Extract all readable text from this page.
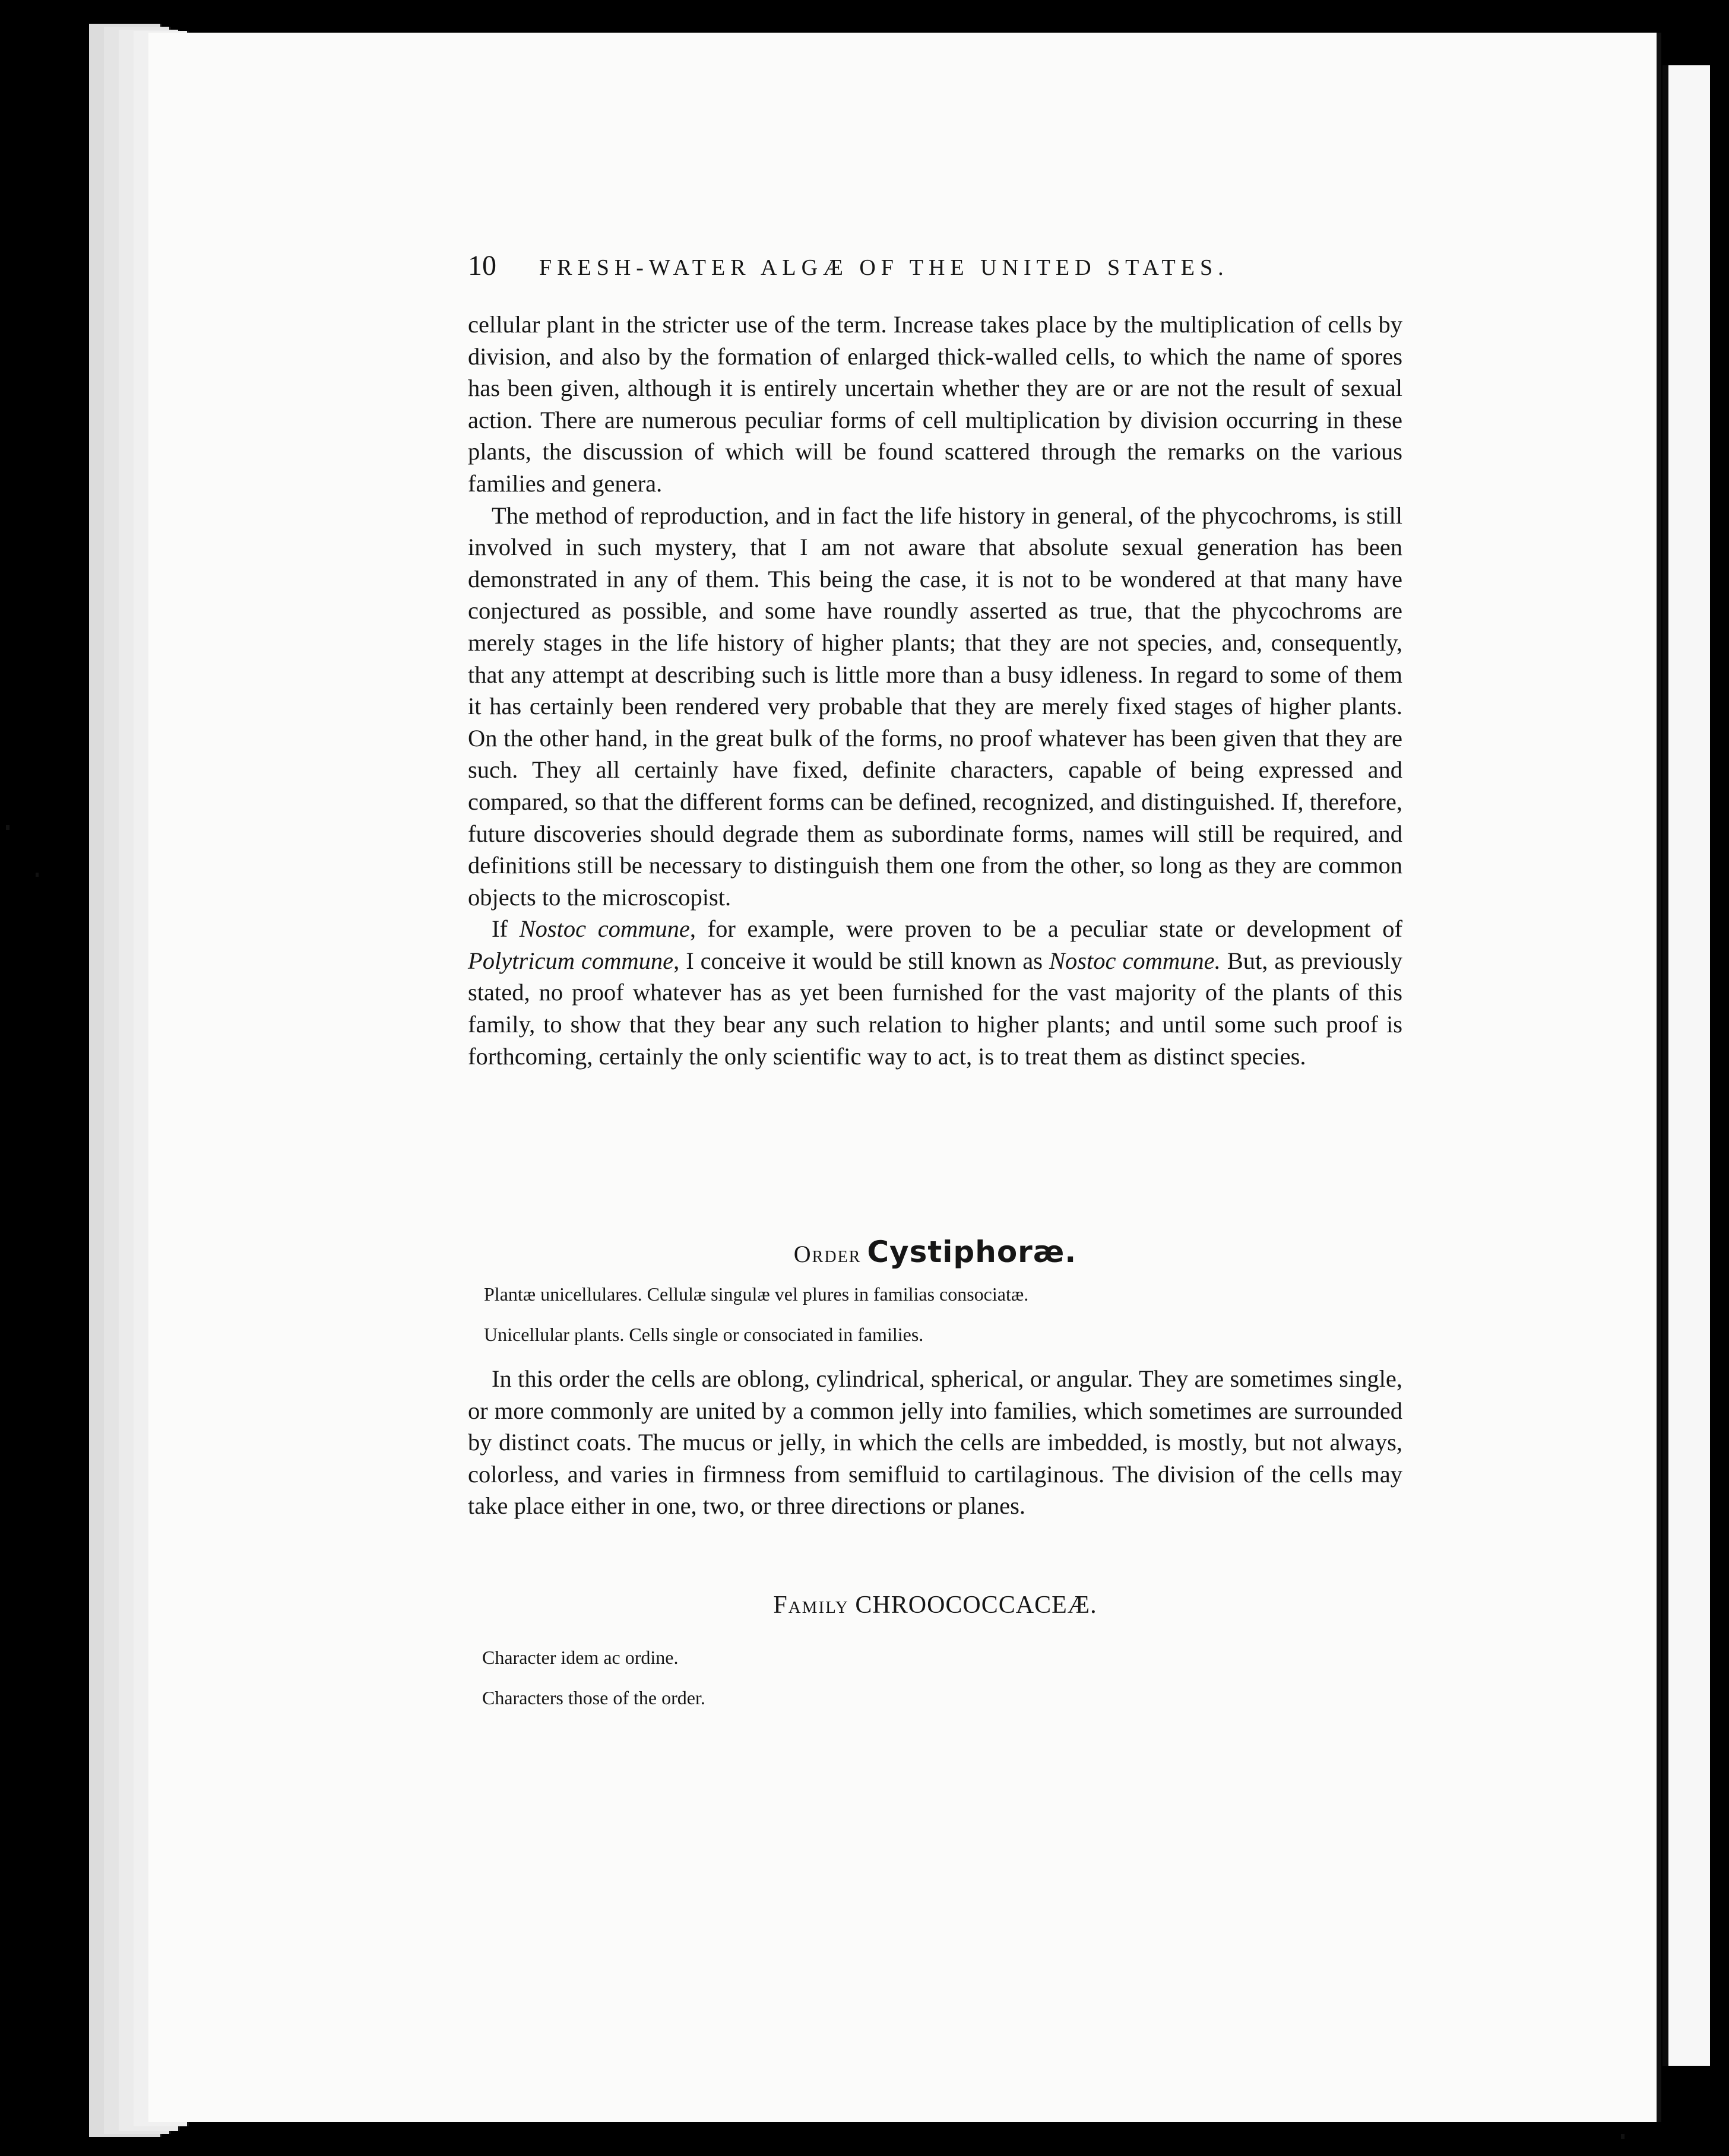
10	FRESH-WATER ALGÆ OF THE UNITED STATES.

cellular plant in the stricter use of the term. Increase takes place by the multiplication of cells by division, and also by the formation of enlarged thick-walled cells, to which the name of spores has been given, although it is entirely uncertain whether they are or are not the result of sexual action. There are numerous peculiar forms of cell multiplication by division occurring in these plants, the discussion of which will be found scattered through the remarks on the various families and genera.

The method of reproduction, and in fact the life history in general, of the phycochroms, is still involved in such mystery, that I am not aware that absolute sexual generation has been demonstrated in any of them. This being the case, it is not to be wondered at that many have conjectured as possible, and some have roundly asserted as true, that the phycochroms are merely stages in the life history of higher plants; that they are not species, and, consequently, that any attempt at describing such is little more than a busy idleness. In regard to some of them it has certainly been rendered very probable that they are merely fixed stages of higher plants. On the other hand, in the great bulk of the forms, no proof whatever has been given that they are such. They all certainly have fixed, definite characters, capable of being expressed and compared, so that the different forms can be defined, recognized, and distinguished. If, therefore, future discoveries should degrade them as subordinate forms, names will still be required, and definitions still be necessary to distinguish them one from the other, so long as they are common objects to the microscopist.

If Nostoc commune, for example, were proven to be a peculiar state or development of Polytricum commune, I conceive it would be still known as Nostoc commune. But, as previously stated, no proof whatever has as yet been furnished for the vast majority of the plants of this family, to show that they bear any such relation to higher plants; and until some such proof is forthcoming, certainly the only scientific way to act, is to treat them as distinct species.

Order Cystiphoræ.
Plantæ unicellulares. Cellulæ singulæ vel plures in familias consociatæ.
Unicellular plants. Cells single or consociated in families.

In this order the cells are oblong, cylindrical, spherical, or angular. They are sometimes single, or more commonly are united by a common jelly into families, which sometimes are surrounded by distinct coats. The mucus or jelly, in which the cells are imbedded, is mostly, but not always, colorless, and varies in firmness from semifluid to cartilaginous. The division of the cells may take place either in one, two, or three directions or planes.

Family CHROOCOCCACEÆ.
Character idem ac ordine.
Characters those of the order.
